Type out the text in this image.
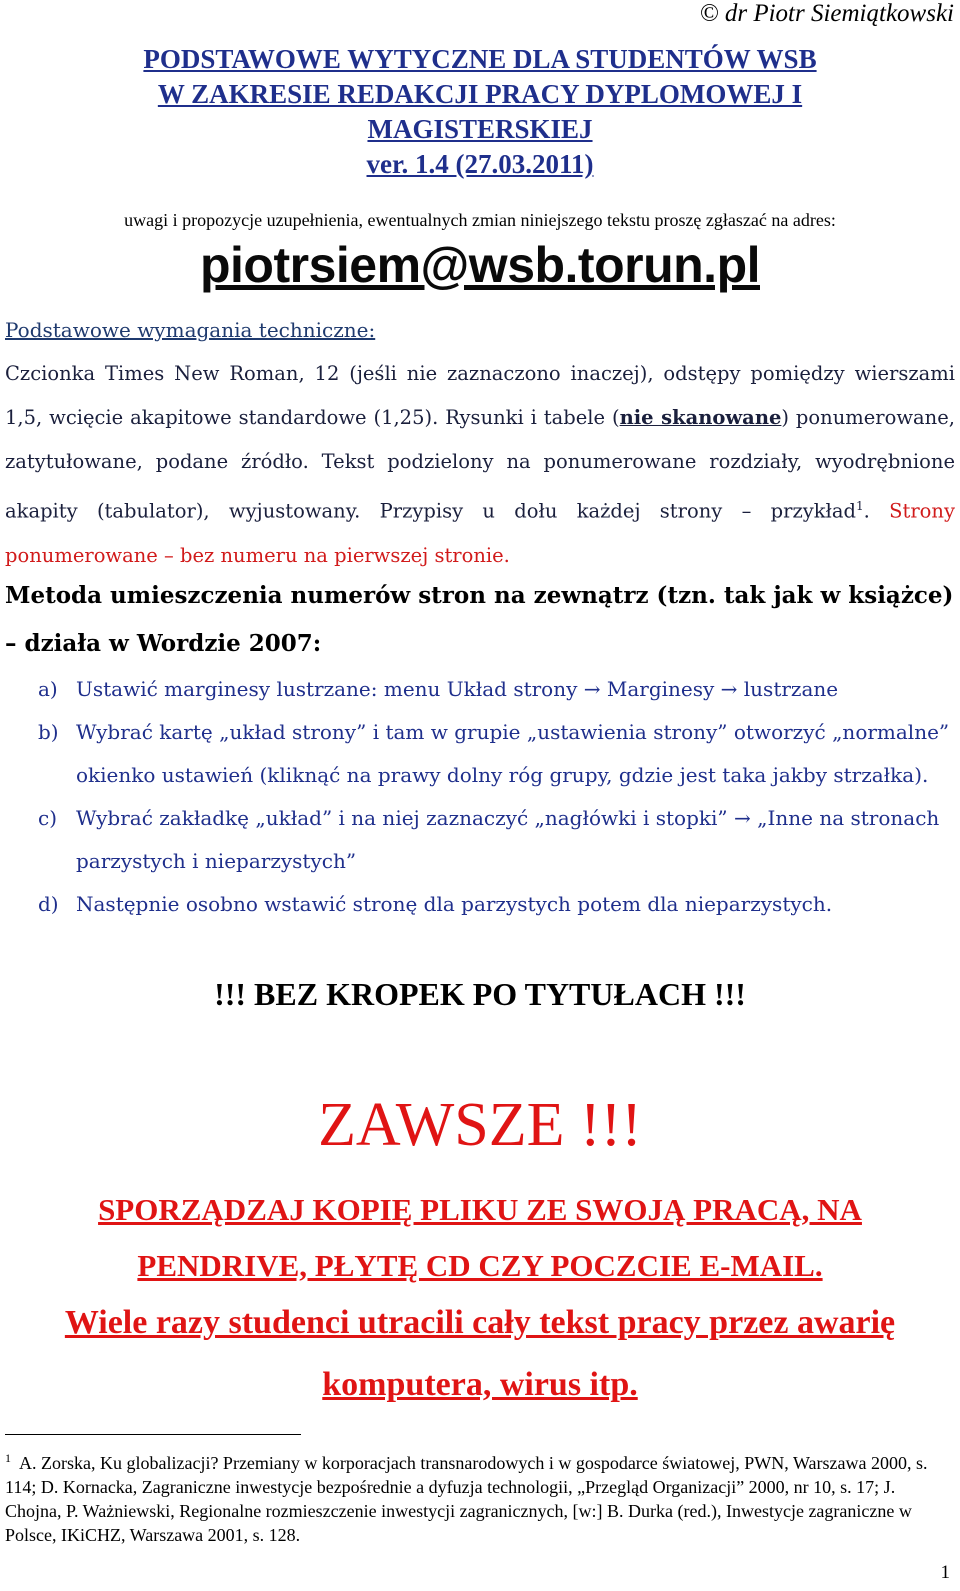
© dr Piotr Siemiątkowski
PODSTAWOWE WYTYCZNE DLA STUDENTÓW WSB
W ZAKRESIE REDAKCJI PRACY DYPLOMOWEJ I
MAGISTERSKIEJ
ver. 1.4 (27.03.2011)
uwagi i propozycje uzupełnienia, ewentualnych zmian niniejszego tekstu proszę zgłaszać na adres:
piotrsiem@wsb.torun.pl
Podstawowe wymagania techniczne:
Czcionka Times New Roman, 12 (jeśli nie zaznaczono inaczej), odstępy pomiędzy wierszami 1,5, wcięcie akapitowe standardowe (1,25). Rysunki i tabele (nie skanowane) ponumerowane, zatytułowane, podane źródło. Tekst podzielony na ponumerowane rozdziały, wyodrębnione akapity (tabulator), wyjustowany. Przypisy u dołu każdej strony – przykład$^1$. Strony ponumerowane – bez numeru na pierwszej stronie.
Metoda umieszczenia numerów stron na zewnątrz (tzn. tak jak w książce) – działa w Wordzie 2007:
a) Ustawić marginesy lustrzane: menu Układ strony → Marginesy → lustrzane
b) Wybrać kartę „układ strony” i tam w grupie „ustawienia strony” otworzyć „normalne” okienko ustawień (kliknąć na prawy dolny róg grupy, gdzie jest taka jakby strzałka).
c) Wybrać zakładkę „układ” i na niej zaznaczyć „nagłówki i stopki” → „Inne na stronach parzystych i nieparzystych”
d) Następnie osobno wstawić stronę dla parzystych potem dla nieparzystych.
!!! BEZ KROPEK PO TYTUŁACH !!!
ZAWSZE !!!
SPORZĄDZAJ KOPIĘ PLIKU ZE SWOJĄ PRACĄ, NA
PENDRIVE, PŁYTĘ CD CZY POCZCIE E-MAIL.
Wiele razy studenci utracili cały tekst pracy przez awarię
komputera, wirus itp.
$^1$ A. Zorska, Ku globalizacji? Przemiany w korporacjach transnarodowych i w gospodarce światowej, PWN, Warszawa 2000, s. 114; D. Kornacka, Zagraniczne inwestycje bezpośrednie a dyfuzja technologii, „Przegląd Organizacji” 2000, nr 10, s. 17; J. Chojna, P. Ważniewski, Regionalne rozmieszczenie inwestycji zagranicznych, [w:] B. Durka (red.), Inwestycje zagraniczne w Polsce, IKiCHZ, Warszawa 2001, s. 128.
1
